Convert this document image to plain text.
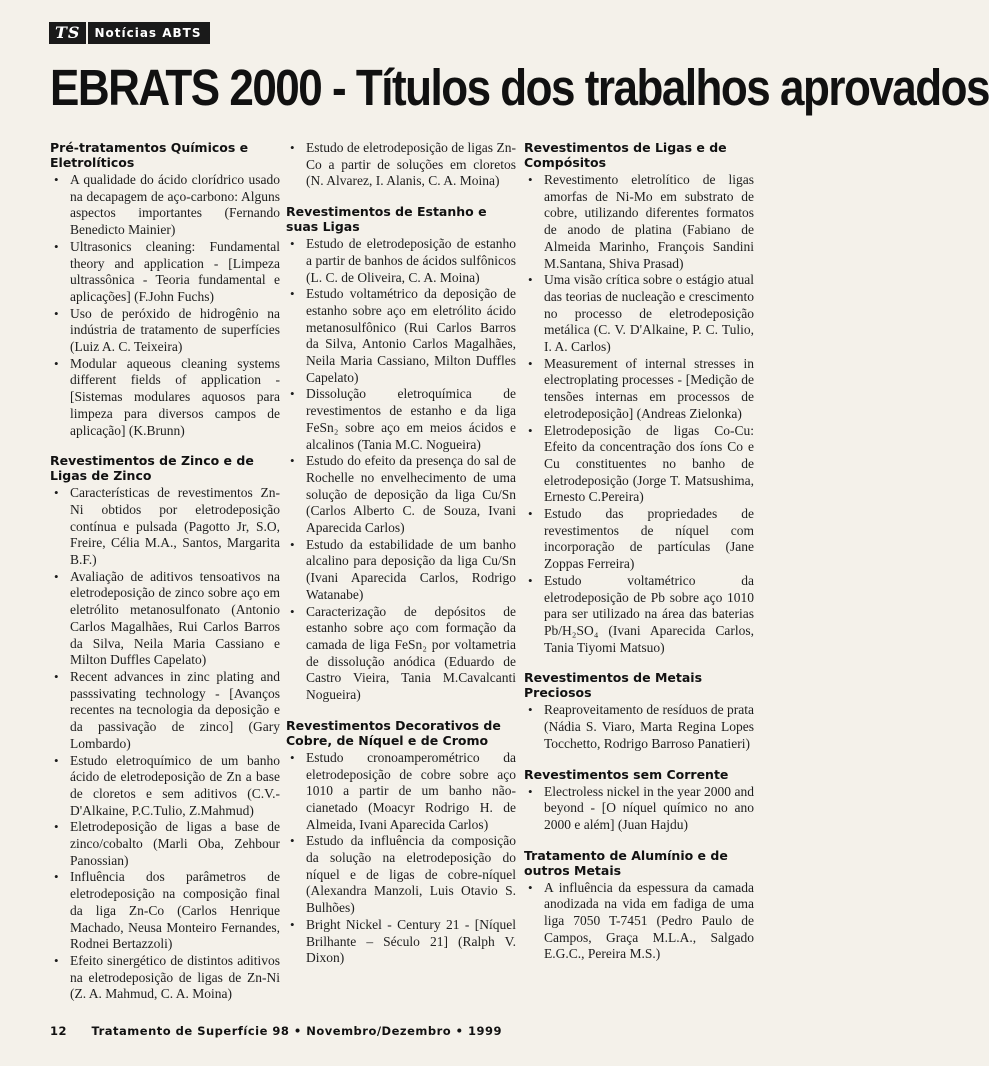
TS	Notícias ABTS
EBRATS 2000 - Títulos dos trabalhos aprovados
Pré-tratamentos Químicos e Eletrolíticos
• A qualidade do ácido clorídrico usado na decapagem de aço-carbono: Alguns aspectos importantes (Fernando Benedicto Mainier)
• Ultrasonics cleaning: Fundamental theory and application - [Limpeza ultrassônica - Teoria fundamental e aplicações] (F.John Fuchs)
• Uso de peróxido de hidrogênio na indústria de tratamento de superfícies (Luiz A. C. Teixeira)
• Modular aqueous cleaning systems different fields of application - [Sistemas modulares aquosos para limpeza para diversos campos de aplicação] (K.Brunn)
Revestimentos de Zinco e de Ligas de Zinco
• Características de revestimentos Zn-Ni obtidos por eletrodeposição contínua e pulsada (Pagotto Jr, S.O, Freire, Célia M.A., Santos, Margarita B.F.)
• Avaliação de aditivos tensoativos na eletrodeposição de zinco sobre aço em eletrólito metanosulfonato (Antonio Carlos Magalhães, Rui Carlos Barros da Silva, Neila Maria Cassiano e Milton Duffles Capelato)
• Recent advances in zinc plating and passsivating technology - [Avanços recentes na tecnologia da deposição e da passivação de zinco] (Gary Lombardo)
• Estudo eletroquímico de um banho ácido de eletrodeposição de Zn a base de cloretos e sem aditivos (C.V.-D'Alkaine, P.C.Tulio, Z.Mahmud)
• Eletrodeposição de ligas a base de zinco/cobalto (Marli Oba, Zehbour Panossian)
• Influência dos parâmetros de eletrodeposição na composição final da liga Zn-Co (Carlos Henrique Machado, Neusa Monteiro Fernandes, Rodnei Bertazzoli)
• Efeito sinergético de distintos aditivos na eletrodeposição de ligas de Zn-Ni (Z. A. Mahmud, C. A. Moina)
• Estudo de eletrodeposição de ligas Zn-Co a partir de soluções em cloretos (N. Alvarez, I. Alanis, C. A. Moina)
Revestimentos de Estanho e suas Ligas
• Estudo de eletrodeposição de estanho a partir de banhos de ácidos sulfônicos (L. C. de Oliveira, C. A. Moina)
• Estudo voltamétrico da deposição de estanho sobre aço em eletrólito ácido metanosulfônico (Rui Carlos Barros da Silva, Antonio Carlos Magalhães, Neila Maria Cassiano, Milton Duffles Capelato)
• Dissolução eletroquímica de revestimentos de estanho e da liga FeSn₂ sobre aço em meios ácidos e alcalinos (Tania M.C. Nogueira)
• Estudo do efeito da presença do sal de Rochelle no envelhecimento de uma solução de deposição da liga Cu/Sn (Carlos Alberto C. de Souza, Ivani Aparecida Carlos)
• Estudo da estabilidade de um banho alcalino para deposição da liga Cu/Sn (Ivani Aparecida Carlos, Rodrigo Watanabe)
• Caracterização de depósitos de estanho sobre aço com formação da camada de liga FeSn₂ por voltametria de dissolução anódica (Eduardo de Castro Vieira, Tania M.Cavalcanti Nogueira)
Revestimentos Decorativos de Cobre, de Níquel e de Cromo
• Estudo cronoamperométrico da eletrodeposição de cobre sobre aço 1010 a partir de um banho não-cianetado (Moacyr Rodrigo H. de Almeida, Ivani Aparecida Carlos)
• Estudo da influência da composição da solução na eletrodeposição do níquel e de ligas de cobre-níquel (Alexandra Manzoli, Luis Otavio S. Bulhões)
• Bright Nickel - Century 21 - [Níquel Brilhante – Século 21] (Ralph V. Dixon)
Revestimentos de Ligas e de Compósitos
• Revestimento eletrolítico de ligas amorfas de Ni-Mo em substrato de cobre, utilizando diferentes formatos de anodo de platina (Fabiano de Almeida Marinho, François Sandini M.Santana, Shiva Prasad)
• Uma visão crítica sobre o estágio atual das teorias de nucleação e crescimento no processo de eletrodeposição metálica (C. V. D'Alkaine, P. C. Tulio, I. A. Carlos)
• Measurement of internal stresses in electroplating processes - [Medição de tensões internas em processos de eletrodeposição] (Andreas Zielonka)
• Eletrodeposição de ligas Co-Cu: Efeito da concentração dos íons Co e Cu constituentes no banho de eletrodeposição (Jorge T. Matsushima, Ernesto C.Pereira)
• Estudo das propriedades de revestimentos de níquel com incorporação de partículas (Jane Zoppas Ferreira)
• Estudo voltamétrico da eletrodeposição de Pb sobre aço 1010 para ser utilizado na área das baterias Pb/H₂SO₄ (Ivani Aparecida Carlos, Tania Tiyomi Matsuo)
Revestimentos de Metais Preciosos
• Reaproveitamento de resíduos de prata (Nádia S. Viaro, Marta Regina Lopes Tocchetto, Rodrigo Barroso Panatieri)
Revestimentos sem Corrente
• Electroless nickel in the year 2000 and beyond - [O níquel químico no ano 2000 e além] (Juan Hajdu)
Tratamento de Alumínio e de outros Metais
• A influência da espessura da camada anodizada na vida em fadiga de uma liga 7050 T-7451 (Pedro Paulo de Campos, Graça M.L.A., Salgado E.G.C., Pereira M.S.)
12 Tratamento de Superfície 98 • Novembro/Dezembro • 1999
